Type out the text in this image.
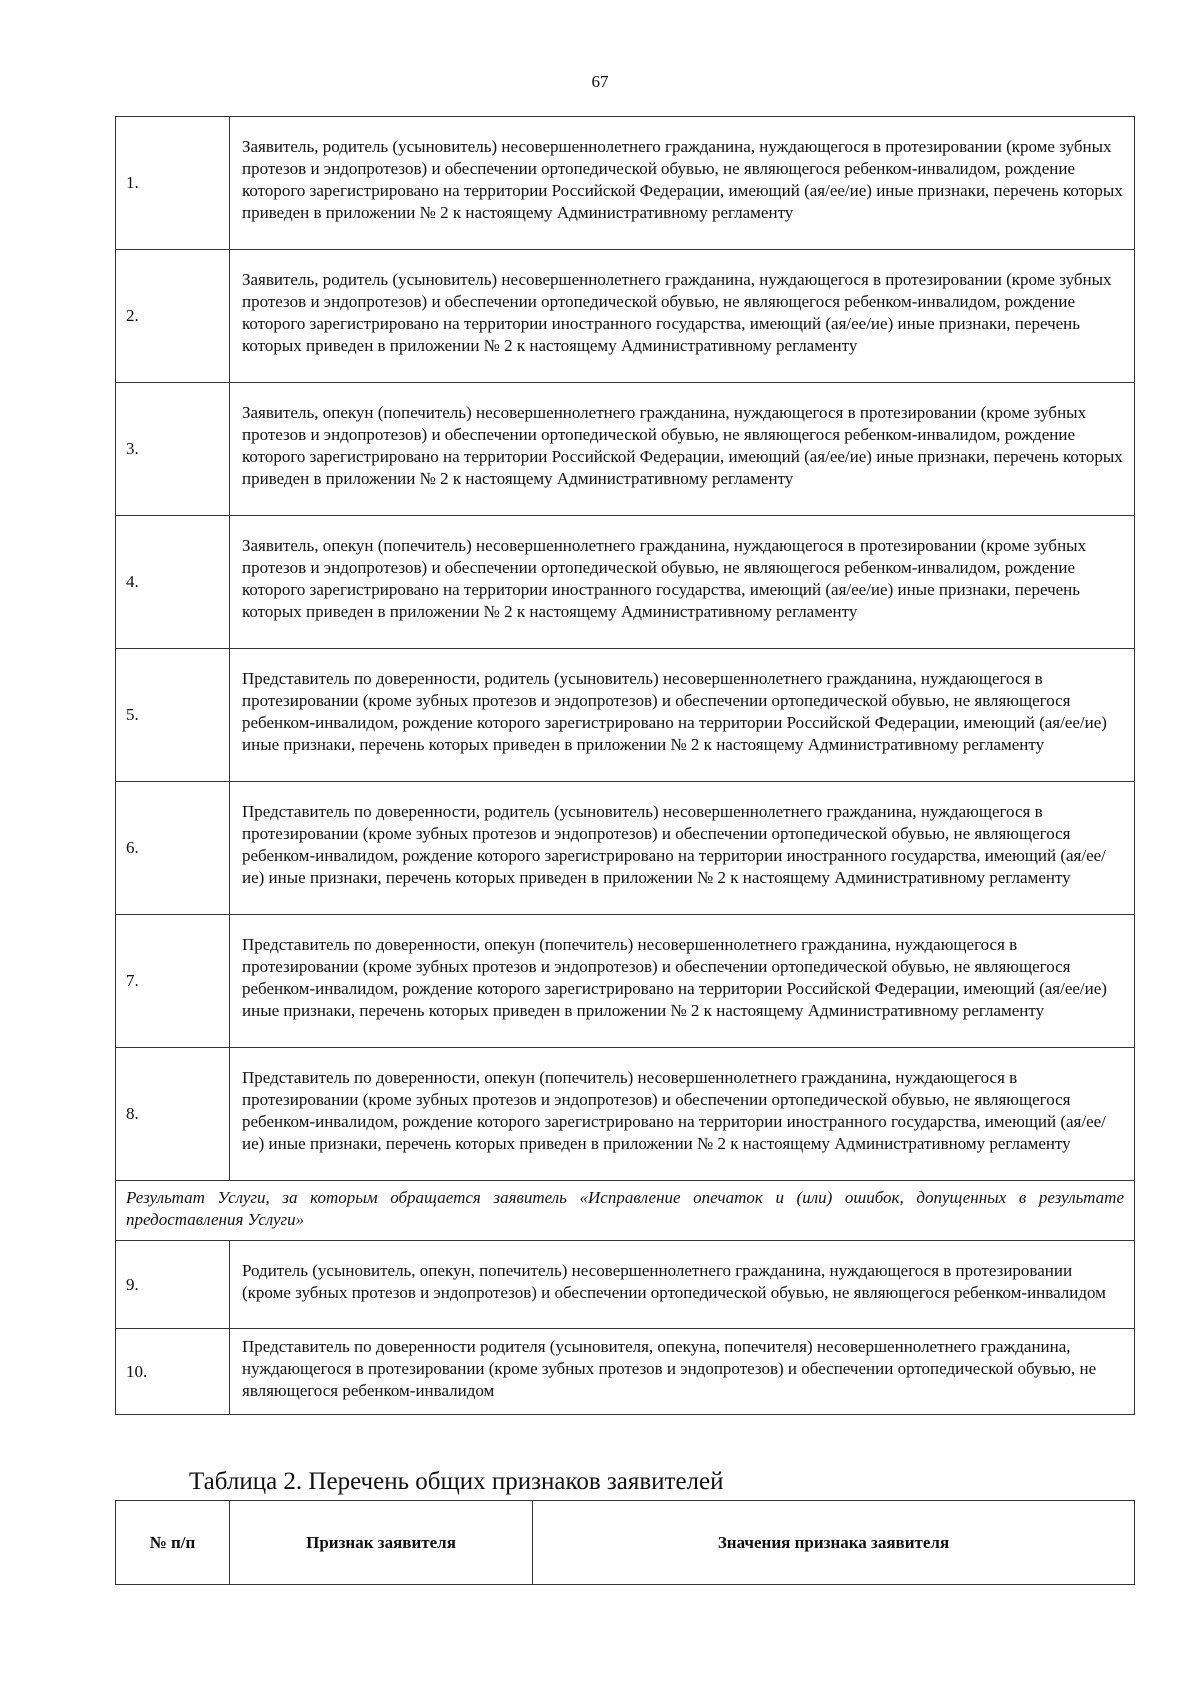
67
1.	Заявитель, родитель (усыновитель) несовершеннолетнего гражданина, нуждающегося в протезировании (кроме зубных протезов и эндопротезов) и обеспечении ортопедической обувью, не являющегося ребенком-инвалидом, рождение которого зарегистрировано на территории Российской Федерации, имеющий (ая/ее/ие) иные признаки, перечень которых приведен в приложении № 2 к настоящему Административному регламенту
2.	Заявитель, родитель (усыновитель) несовершеннолетнего гражданина, нуждающегося в протезировании (кроме зубных протезов и эндопротезов) и обеспечении ортопедической обувью, не являющегося ребенком-инвалидом, рождение которого зарегистрировано на территории иностранного государства, имеющий (ая/ее/ие) иные признаки, перечень которых приведен в приложении № 2 к настоящему Административному регламенту
3.	Заявитель, опекун (попечитель) несовершеннолетнего гражданина, нуждающегося в протезировании (кроме зубных протезов и эндопротезов) и обеспечении ортопедической обувью, не являющегося ребенком-инвалидом, рождение которого зарегистрировано на территории Российской Федерации, имеющий (ая/ее/ие) иные признаки, перечень которых приведен в приложении № 2 к настоящему Административному регламенту
4.	Заявитель, опекун (попечитель) несовершеннолетнего гражданина, нуждающегося в протезировании (кроме зубных протезов и эндопротезов) и обеспечении ортопедической обувью, не являющегося ребенком-инвалидом, рождение которого зарегистрировано на территории иностранного государства, имеющий (ая/ее/ие) иные признаки, перечень которых приведен в приложении № 2 к настоящему Административному регламенту
5.	Представитель по доверенности, родитель (усыновитель) несовершеннолетнего гражданина, нуждающегося в протезировании (кроме зубных протезов и эндопротезов) и обеспечении ортопедической обувью, не являющегося ребенком-инвалидом, рождение которого зарегистрировано на территории Российской Федерации, имеющий (ая/ее/ие) иные признаки, перечень которых приведен в приложении № 2 к настоящему Административному регламенту
6.	Представитель по доверенности, родитель (усыновитель) несовершеннолетнего гражданина, нуждающегося в протезировании (кроме зубных протезов и эндопротезов) и обеспечении ортопедической обувью, не являющегося ребенком-инвалидом, рождение которого зарегистрировано на территории иностранного государства, имеющий (ая/ее/ие) иные признаки, перечень которых приведен в приложении № 2 к настоящему Административному регламенту
7.	Представитель по доверенности, опекун (попечитель) несовершеннолетнего гражданина, нуждающегося в протезировании (кроме зубных протезов и эндопротезов) и обеспечении ортопедической обувью, не являющегося ребенком-инвалидом, рождение которого зарегистрировано на территории Российской Федерации, имеющий (ая/ее/ие) иные признаки, перечень которых приведен в приложении № 2 к настоящему Административному регламенту
8.	Представитель по доверенности, опекун (попечитель) несовершеннолетнего гражданина, нуждающегося в протезировании (кроме зубных протезов и эндопротезов) и обеспечении ортопедической обувью, не являющегося ребенком-инвалидом, рождение которого зарегистрировано на территории иностранного государства, имеющий (ая/ее/ие) иные признаки, перечень которых приведен в приложении № 2 к настоящему Административному регламенту
Результат Услуги, за которым обращается заявитель «Исправление опечаток и (или) ошибок, допущенных в результате предоставления Услуги»	
9.	Родитель (усыновитель, опекун, попечитель) несовершеннолетнего гражданина, нуждающегося в протезировании (кроме зубных протезов и эндопротезов) и обеспечении ортопедической обувью, не являющегося ребенком-инвалидом
10.	Представитель по доверенности родителя (усыновителя, опекуна, попечителя) несовершеннолетнего гражданина, нуждающегося в протезировании (кроме зубных протезов и эндопротезов) и обеспечении ортопедической обувью, не являющегося ребенком-инвалидом
Таблица 2. Перечень общих признаков заявителей
№ п/п	Признак заявителя	Значения признака заявителя
